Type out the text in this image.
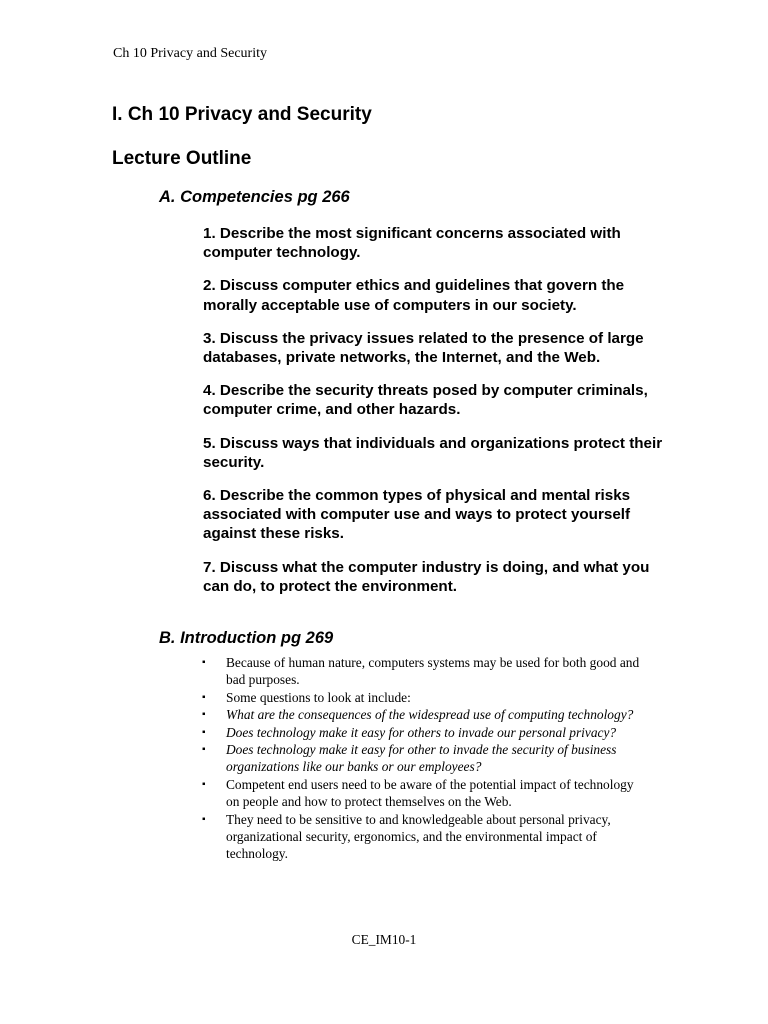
Ch 10 Privacy and Security
I. Ch 10 Privacy and Security
Lecture Outline
A. Competencies pg 266
1. Describe the most significant concerns associated with computer technology.
2. Discuss computer ethics and guidelines that govern the morally acceptable use of computers in our society.
3. Discuss the privacy issues related to the presence of large databases, private networks, the Internet, and the Web.
4. Describe the security threats posed by computer criminals, computer crime, and other hazards.
5. Discuss ways that individuals and organizations protect their security.
6. Describe the common types of physical and mental risks associated with computer use and ways to protect yourself against these risks.
7. Discuss what the computer industry is doing, and what you can do, to protect the environment.
B. Introduction pg 269
▪ Because of human nature, computers systems may be used for both good and bad purposes.
▪ Some questions to look at include:
▪ What are the consequences of the widespread use of computing technology?
▪ Does technology make it easy for others to invade our personal privacy?
▪ Does technology make it easy for other to invade the security of business organizations like our banks or our employees?
▪ Competent end users need to be aware of the potential impact of technology on people and how to protect themselves on the Web.
▪ They need to be sensitive to and knowledgeable about personal privacy, organizational security, ergonomics, and the environmental impact of technology.
CE_IM10-1
